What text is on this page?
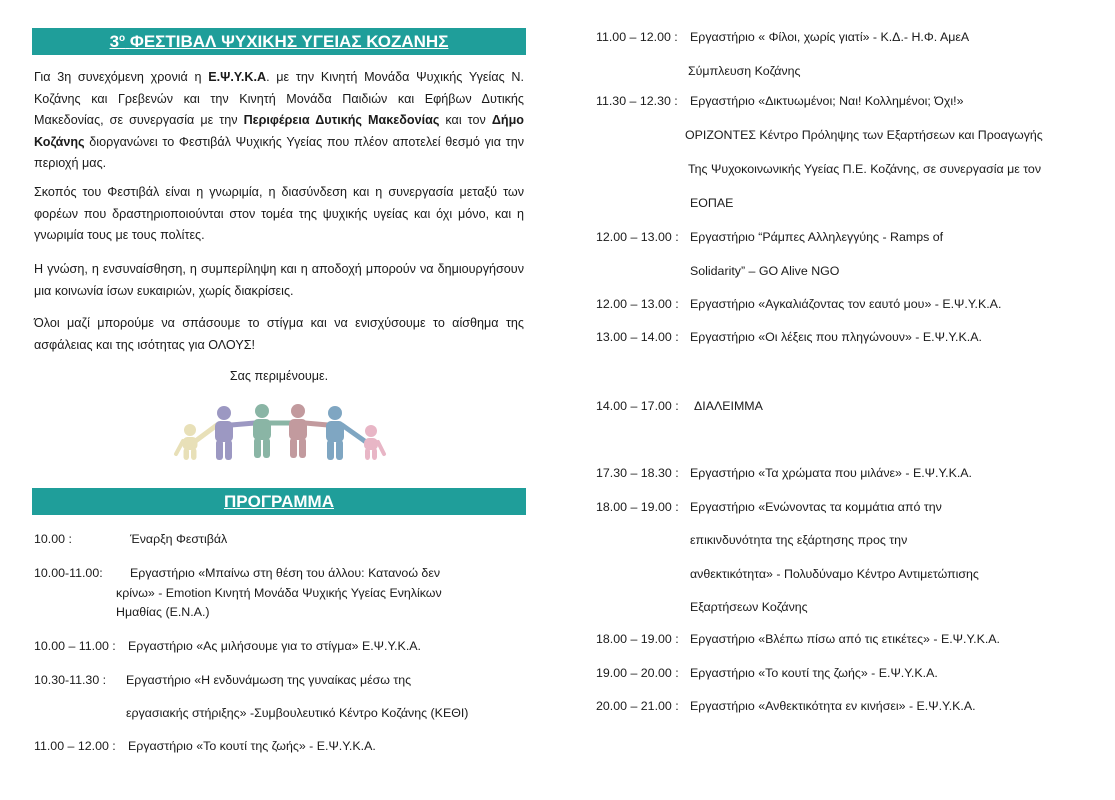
$3^o$ ΦΕΣΤΙΒΑΛ ΨΥΧΙΚΗΣ ΥΓΕΙΑΣ ΚΟΖΑΝΗΣ

Για 3η συνεχόμενη χρονιά η Ε.Ψ.Υ.Κ.Α. με την Κινητή Μονάδα Ψυχικής Υγείας Ν. Κοζάνης και Γρεβενών και την Κινητή Μονάδα Παιδιών και Εφήβων Δυτικής Μακεδονίας, σε συνεργασία με την Περιφέρεια Δυτικής Μακεδονίας και τον Δήμο Κοζάνης διοργανώνει το Φεστιβάλ Ψυχικής Υγείας που πλέον αποτελεί θεσμό για την περιοχή μας.

Σκοπός του Φεστιβάλ είναι η γνωριμία, η διασύνδεση και η συνεργασία μεταξύ των φορέων που δραστηριοποιούνται στον τομέα της ψυχικής υγείας και όχι μόνο, και η γνωριμία τους με τους πολίτες.

Η γνώση, η ενσυναίσθηση, η συμπερίληψη και η αποδοχή μπορούν να δημιουργήσουν μια κοινωνία ίσων ευκαιριών, χωρίς διακρίσεις.

Όλοι μαζί μπορούμε να σπάσουμε το στίγμα και να ενισχύσουμε το αίσθημα της ασφάλειας και της ισότητας για ΟΛΟΥΣ!

Σας περιμένουμε.
ΠΡΟΓΡΑΜΜΑ
10.00 :	Έναρξη Φεστιβάλ
10.00-11.00: Εργαστήριο «Μπαίνω στη θέση του άλλου: Κατανοώ δεν
κρίνω» - Emotion Κινητή Μονάδα Ψυχικής Υγείας Ενηλίκων
Ημαθίας (Ε.Ν.Α.)
10.00 – 11.00 : Εργαστήριο «Ας μιλήσουμε για το στίγμα» Ε.Ψ.Υ.Κ.Α.
10.30-11.30 : Εργαστήριο «Η ενδυνάμωση της γυναίκας μέσω της
εργασιακής στήριξης» -Συμβουλευτικό Κέντρο Κοζάνης (ΚΕΘΙ)
11.00 – 12.00 : Εργαστήριο «Το κουτί της ζωής» - Ε.Ψ.Υ.Κ.Α.
11.00 – 12.00 : Εργαστήριο « Φίλοι, χωρίς γιατί» - Κ.Δ.- Η.Φ. ΑμεΑ
Σύμπλευση Κοζάνης
11.30 – 12.30 : Εργαστήριο «Δικτυωμένοι; Ναι! Κολλημένοι; Όχι!»
ΟΡΙΖΟΝΤΕΣ Κέντρο Πρόληψης των Εξαρτήσεων και Προαγωγής
Της Ψυχοκοινωνικής Υγείας Π.Ε. Κοζάνης, σε συνεργασία με τον
ΕΟΠΑΕ
12.00 – 13.00 : Εργαστήριο “Ράμπες Αλληλεγγύης - Ramps of
Solidarity” – GO Alive NGO
12.00 – 13.00 : Εργαστήριο «Αγκαλιάζοντας τον εαυτό μου» - Ε.Ψ.Υ.Κ.Α.
13.00 – 14.00 : Εργαστήριο «Οι λέξεις που πληγώνουν» - Ε.Ψ.Υ.Κ.Α.
14.00 – 17.00 : ΔΙΑΛΕΙΜΜΑ
17.30 – 18.30 : Εργαστήριο «Τα χρώματα που μιλάνε» - Ε.Ψ.Υ.Κ.Α.
18.00 – 19.00 : Εργαστήριο «Ενώνοντας τα κομμάτια από την
επικινδυνότητα της εξάρτησης προς την
ανθεκτικότητα» - Πολυδύναμο Κέντρο Αντιμετώπισης
Εξαρτήσεων Κοζάνης
18.00 – 19.00 : Εργαστήριο «Βλέπω πίσω από τις ετικέτες» - Ε.Ψ.Υ.Κ.Α.
19.00 – 20.00 : Εργαστήριο «Το κουτί της ζωής» - Ε.Ψ.Υ.Κ.Α.
20.00 – 21.00 : Εργαστήριο «Ανθεκτικότητα εν κινήσει» - Ε.Ψ.Υ.Κ.Α.
